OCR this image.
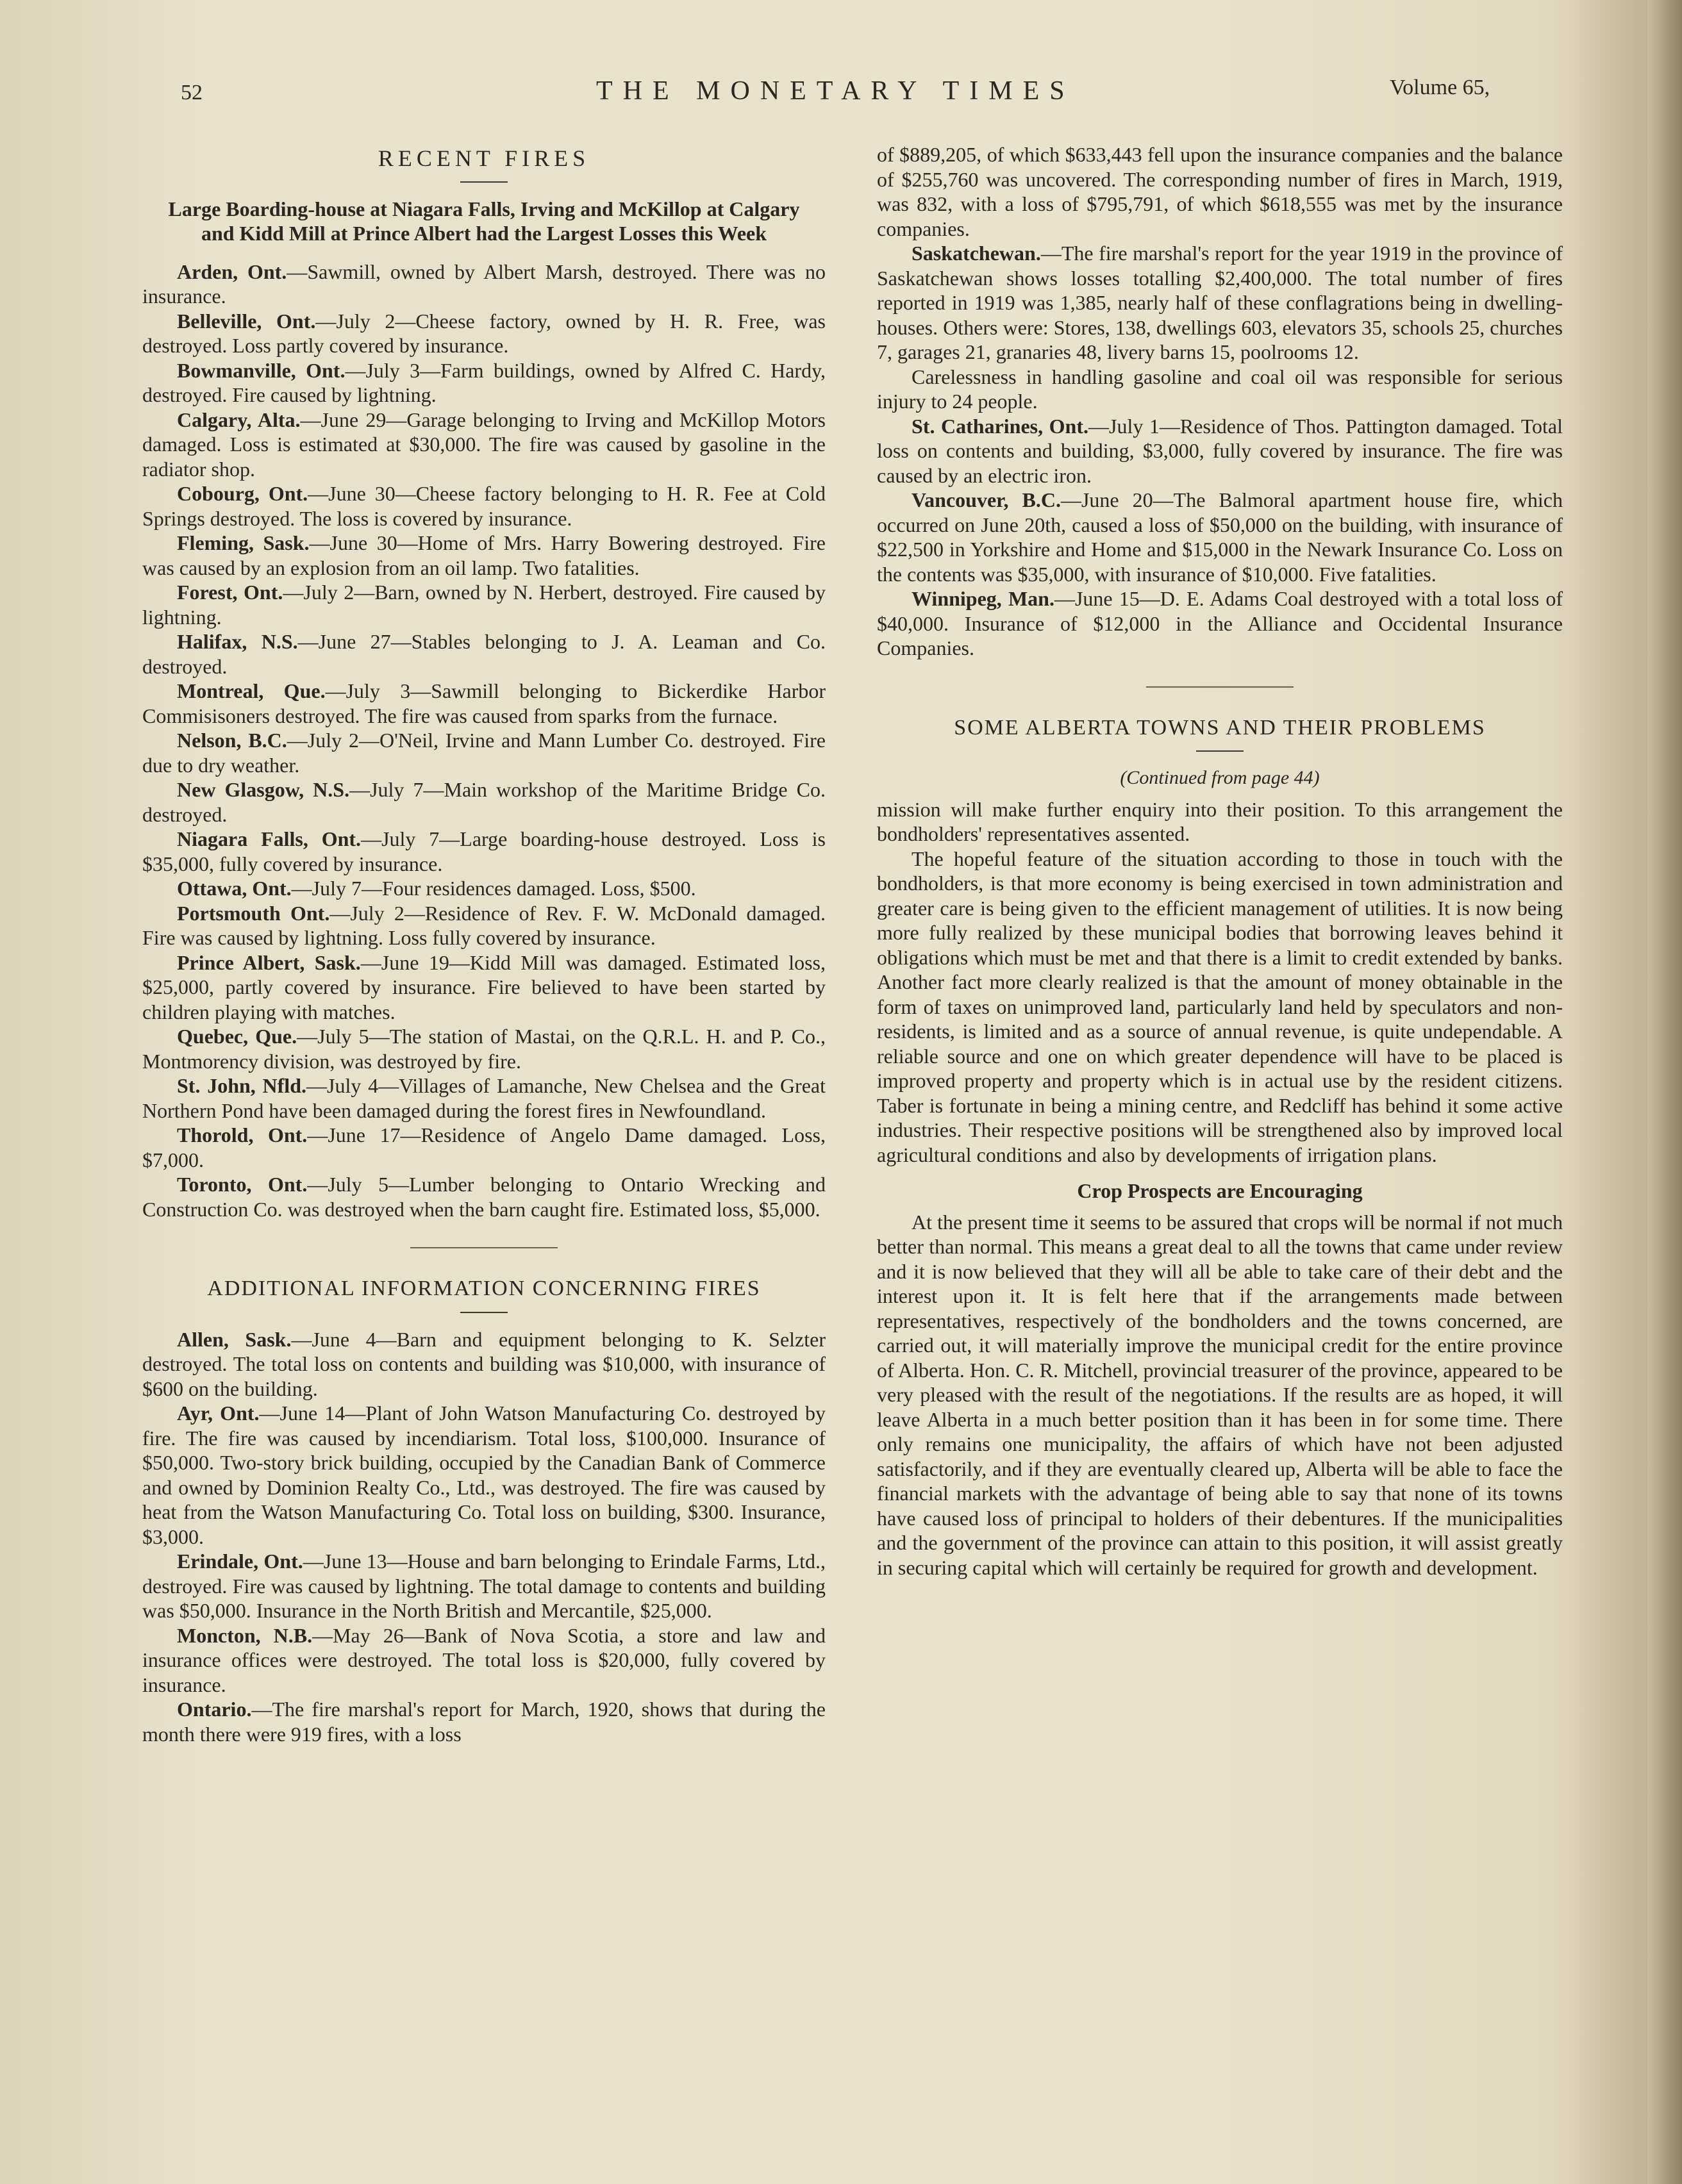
52	THE MONETARY TIMES	Volume 65,
RECENT FIRES
Large Boarding-house at Niagara Falls, Irving and McKillop at Calgary and Kidd Mill at Prince Albert had the Largest Losses this Week

Arden, Ont.—Sawmill, owned by Albert Marsh, destroyed. There was no insurance.

Belleville, Ont.—July 2—Cheese factory, owned by H. R. Free, was destroyed. Loss partly covered by insurance.

Bowmanville, Ont.—July 3—Farm buildings, owned by Alfred C. Hardy, destroyed. Fire caused by lightning.

Calgary, Alta.—June 29—Garage belonging to Irving and McKillop Motors damaged. Loss is estimated at $30,000. The fire was caused by gasoline in the radiator shop.

Cobourg, Ont.—June 30—Cheese factory belonging to H. R. Fee at Cold Springs destroyed. The loss is covered by insurance.

Fleming, Sask.—June 30—Home of Mrs. Harry Bowering destroyed. Fire was caused by an explosion from an oil lamp. Two fatalities.

Forest, Ont.—July 2—Barn, owned by N. Herbert, destroyed. Fire caused by lightning.

Halifax, N.S.—June 27—Stables belonging to J. A. Leaman and Co. destroyed.

Montreal, Que.—July 3—Sawmill belonging to Bickerdike Harbor Commisisoners destroyed. The fire was caused from sparks from the furnace.

Nelson, B.C.—July 2—O'Neil, Irvine and Mann Lumber Co. destroyed. Fire due to dry weather.

New Glasgow, N.S.—July 7—Main workshop of the Maritime Bridge Co. destroyed.

Niagara Falls, Ont.—July 7—Large boarding-house destroyed. Loss is $35,000, fully covered by insurance.

Ottawa, Ont.—July 7—Four residences damaged. Loss, $500.

Portsmouth Ont.—July 2—Residence of Rev. F. W. McDonald damaged. Fire was caused by lightning. Loss fully covered by insurance.

Prince Albert, Sask.—June 19—Kidd Mill was damaged. Estimated loss, $25,000, partly covered by insurance. Fire believed to have been started by children playing with matches.

Quebec, Que.—July 5—The station of Mastai, on the Q.R.L. H. and P. Co., Montmorency division, was destroyed by fire.

St. John, Nfld.—July 4—Villages of Lamanche, New Chelsea and the Great Northern Pond have been damaged during the forest fires in Newfoundland.

Thorold, Ont.—June 17—Residence of Angelo Dame damaged. Loss, $7,000.

Toronto, Ont.—July 5—Lumber belonging to Ontario Wrecking and Construction Co. was destroyed when the barn caught fire. Estimated loss, $5,000.

ADDITIONAL INFORMATION CONCERNING FIRES

Allen, Sask.—June 4—Barn and equipment belonging to K. Selzter destroyed. The total loss on contents and building was $10,000, with insurance of $600 on the building.

Ayr, Ont.—June 14—Plant of John Watson Manufacturing Co. destroyed by fire. The fire was caused by incendiarism. Total loss, $100,000. Insurance of $50,000. Two-story brick building, occupied by the Canadian Bank of Commerce and owned by Dominion Realty Co., Ltd., was destroyed. The fire was caused by heat from the Watson Manufacturing Co. Total loss on building, $300. Insurance, $3,000.

Erindale, Ont.—June 13—House and barn belonging to Erindale Farms, Ltd., destroyed. Fire was caused by lightning. The total damage to contents and building was $50,000. Insurance in the North British and Mercantile, $25,000.

Moncton, N.B.—May 26—Bank of Nova Scotia, a store and law and insurance offices were destroyed. The total loss is $20,000, fully covered by insurance.

Ontario.—The fire marshal's report for March, 1920, shows that during the month there were 919 fires, with a loss

of $889,205, of which $633,443 fell upon the insurance companies and the balance of $255,760 was uncovered. The corresponding number of fires in March, 1919, was 832, with a loss of $795,791, of which $618,555 was met by the insurance companies.

Saskatchewan.—The fire marshal's report for the year 1919 in the province of Saskatchewan shows losses totalling $2,400,000. The total number of fires reported in 1919 was 1,385, nearly half of these conflagrations being in dwelling-houses. Others were: Stores, 138, dwellings 603, elevators 35, schools 25, churches 7, garages 21, granaries 48, livery barns 15, poolrooms 12.

Carelessness in handling gasoline and coal oil was responsible for serious injury to 24 people.

St. Catharines, Ont.—July 1—Residence of Thos. Pattington damaged. Total loss on contents and building, $3,000, fully covered by insurance. The fire was caused by an electric iron.

Vancouver, B.C.—June 20—The Balmoral apartment house fire, which occurred on June 20th, caused a loss of $50,000 on the building, with insurance of $22,500 in Yorkshire and Home and $15,000 in the Newark Insurance Co. Loss on the contents was $35,000, with insurance of $10,000. Five fatalities.

Winnipeg, Man.—June 15—D. E. Adams Coal destroyed with a total loss of $40,000. Insurance of $12,000 in the Alliance and Occidental Insurance Companies.

SOME ALBERTA TOWNS AND THEIR PROBLEMS
(Continued from page 44)

mission will make further enquiry into their position. To this arrangement the bondholders' representatives assented.

The hopeful feature of the situation according to those in touch with the bondholders, is that more economy is being exercised in town administration and greater care is being given to the efficient management of utilities. It is now being more fully realized by these municipal bodies that borrowing leaves behind it obligations which must be met and that there is a limit to credit extended by banks. Another fact more clearly realized is that the amount of money obtainable in the form of taxes on unimproved land, particularly land held by speculators and non-residents, is limited and as a source of annual revenue, is quite undependable. A reliable source and one on which greater dependence will have to be placed is improved property and property which is in actual use by the resident citizens. Taber is fortunate in being a mining centre, and Redcliff has behind it some active industries. Their respective positions will be strengthened also by improved local agricultural conditions and also by developments of irrigation plans.

Crop Prospects are Encouraging

At the present time it seems to be assured that crops will be normal if not much better than normal. This means a great deal to all the towns that came under review and it is now believed that they will all be able to take care of their debt and the interest upon it. It is felt here that if the arrangements made between representatives, respectively of the bondholders and the towns concerned, are carried out, it will materially improve the municipal credit for the entire province of Alberta. Hon. C. R. Mitchell, provincial treasurer of the province, appeared to be very pleased with the result of the negotiations. If the results are as hoped, it will leave Alberta in a much better position than it has been in for some time. There only remains one municipality, the affairs of which have not been adjusted satisfactorily, and if they are eventually cleared up, Alberta will be able to face the financial markets with the advantage of being able to say that none of its towns have caused loss of principal to holders of their debentures. If the municipalities and the government of the province can attain to this position, it will assist greatly in securing capital which will certainly be required for growth and development.
